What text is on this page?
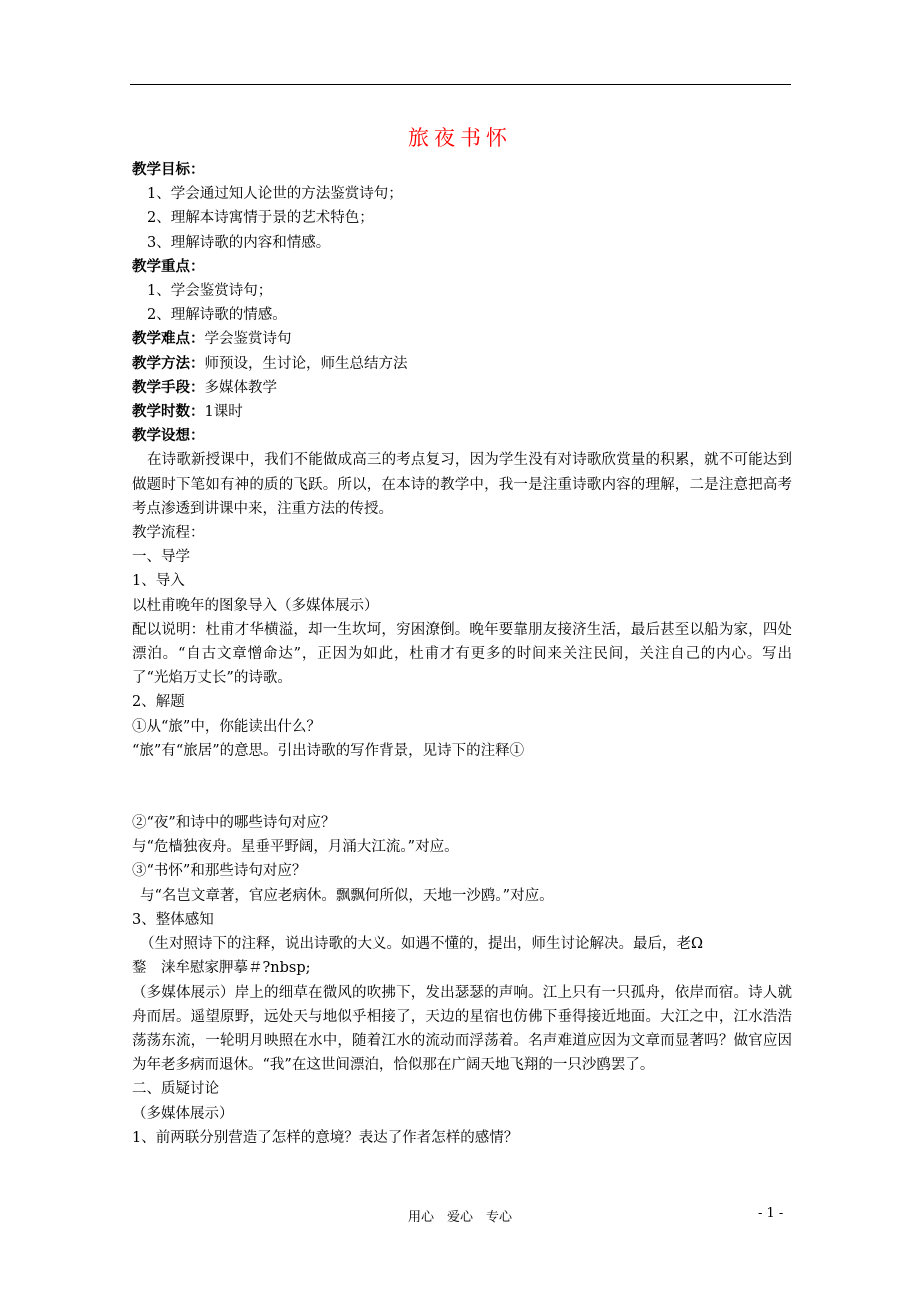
旅夜书怀
教学目标：
1、学会通过知人论世的方法鉴赏诗句；
2、理解本诗寓情于景的艺术特色；
3、理解诗歌的内容和情感。
教学重点：
1、学会鉴赏诗句；
2、理解诗歌的情感。
教学难点：学会鉴赏诗句
教学方法：师预设，生讨论，师生总结方法
教学手段：多媒体教学
教学时数：1课时
教学设想：

在诗歌新授课中，我们不能做成高三的考点复习，因为学生没有对诗歌欣赏量的积累，就不可能达到做题时下笔如有神的质的飞跃。所以，在本诗的教学中，我一是注重诗歌内容的理解，二是注意把高考考点渗透到讲课中来，注重方法的传授。

教学流程：
一、导学
1、导入
以杜甫晚年的图象导入（多媒体展示）

配以说明：杜甫才华横溢，却一生坎坷，穷困潦倒。晚年要靠朋友接济生活，最后甚至以船为家，四处漂泊。“自古文章憎命达”，正因为如此，杜甫才有更多的时间来关注民间，关注自己的内心。写出了“光焰万丈长”的诗歌。

2、解题
①从“旅”中，你能读出什么？
“旅”有“旅居”的意思。引出诗歌的写作背景，见诗下的注释①
②“夜”和诗中的哪些诗句对应？
与“危樯独夜舟。星垂平野阔，月涌大江流。”对应。
③“书怀”和那些诗句对应？
与“名岂文章著，官应老病休。飘飘何所似，天地一沙鸥。”对应。
3、整体感知
（生对照诗下的注释，说出诗歌的大义。如遇不懂的，提出，师生讨论解决。最后，老Ω
鍪　涞牟慰家胛摹＃?nbsp;

（多媒体展示）岸上的细草在微风的吹拂下，发出瑟瑟的声响。江上只有一只孤舟，依岸而宿。诗人就舟而居。遥望原野，远处天与地似乎相接了，天边的星宿也仿佛下垂得接近地面。大江之中，江水浩浩荡荡东流，一轮明月映照在水中，随着江水的流动而浮荡着。名声难道应因为文章而显著吗？做官应因为年老多病而退休。“我”在这世间漂泊，恰似那在广阔天地飞翔的一只沙鸥罢了。

二、质疑讨论
（多媒体展示）
1、前两联分别营造了怎样的意境？表达了作者怎样的感情？
用心　爱心　专心	- 1 -
